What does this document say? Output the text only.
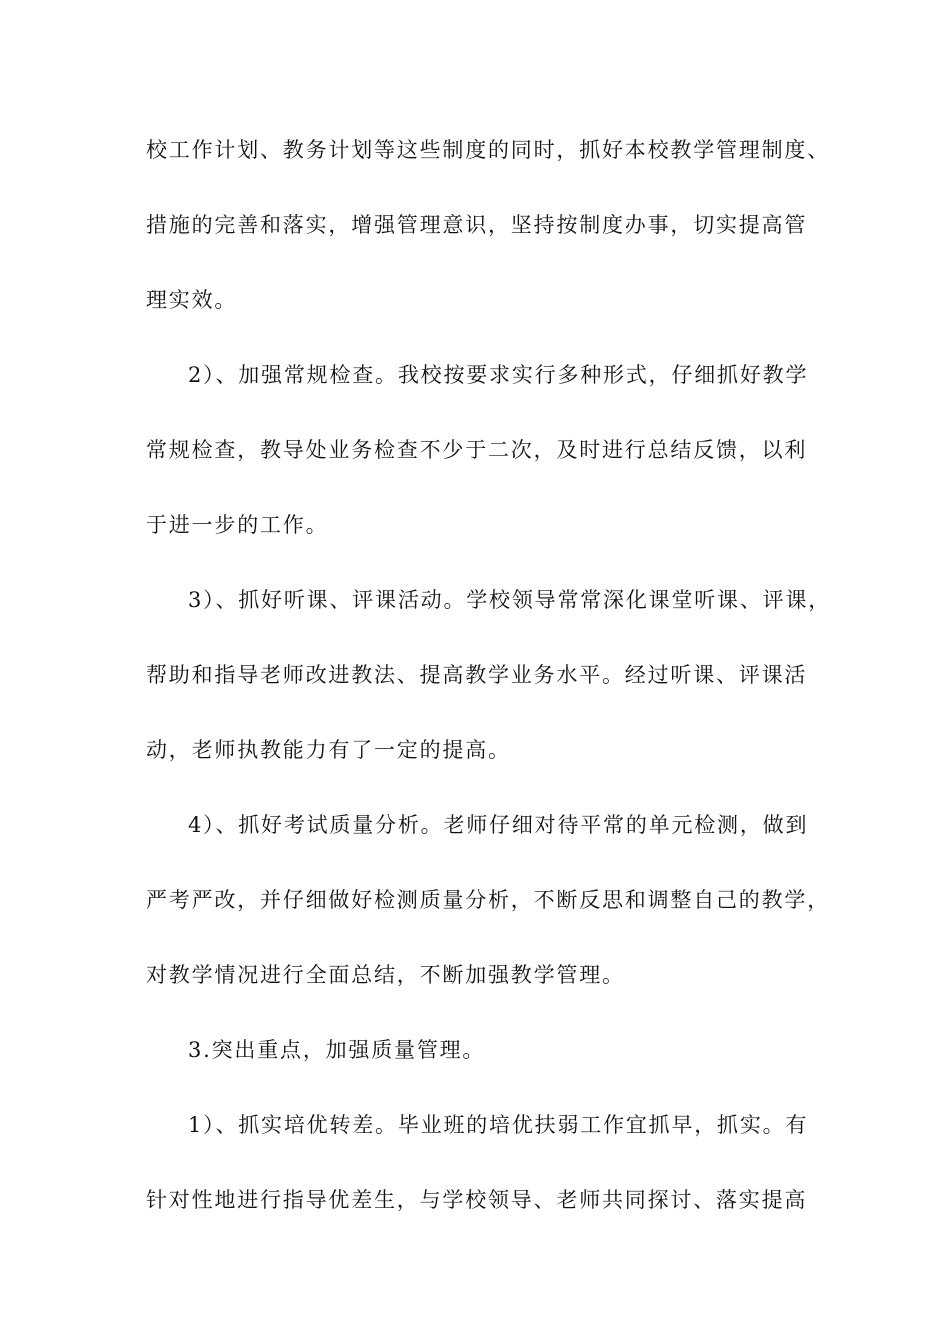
校工作计划、教务计划等这些制度的同时，抓好本校教学管理制度、
措施的完善和落实，增强管理意识，坚持按制度办事，切实提高管
理实效。
2）、加强常规检查。我校按要求实行多种形式，仔细抓好教学
常规检查，教导处业务检查不少于二次，及时进行总结反馈，以利
于进一步的工作。
3）、抓好听课、评课活动。学校领导常常深化课堂听课、评课，
帮助和指导老师改进教法、提高教学业务水平。经过听课、评课活
动，老师执教能力有了一定的提高。
4）、抓好考试质量分析。老师仔细对待平常的单元检测，做到
严考严改，并仔细做好检测质量分析，不断反思和调整自己的教学，
对教学情况进行全面总结，不断加强教学管理。
3.突出重点，加强质量管理。
1）、抓实培优转差。毕业班的培优扶弱工作宜抓早，抓实。有
针对性地进行指导优差生，与学校领导、老师共同探讨、落实提高
